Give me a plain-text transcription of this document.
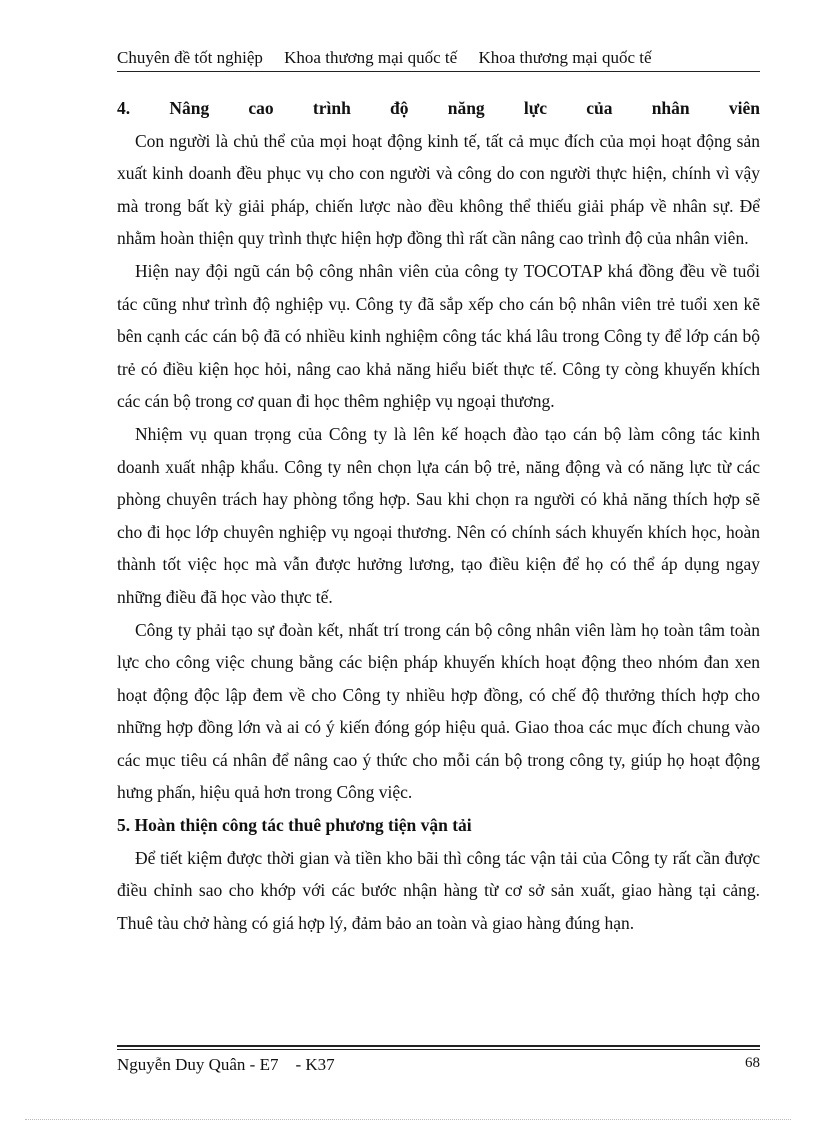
Chuyên đề tốt nghiệp     Khoa thương mại quốc tế     Khoa thương mại quốc tế
4. Nâng cao trình độ năng lực của nhân viên

Con người là chủ thể của mọi hoạt động kinh tế, tất cả mục đích của mọi hoạt động sản xuất kinh doanh đều phục vụ cho con người và công do con người thực hiện, chính vì vậy mà trong bất kỳ giải pháp, chiến lược nào đều không thể thiếu giải pháp về nhân sự. Để nhằm hoàn thiện quy trình thực hiện hợp đồng thì rất cần nâng cao trình độ của nhân viên.

Hiện nay đội ngũ cán bộ công nhân viên của công ty TOCOTAP khá đồng đều về tuổi tác cũng như trình độ nghiệp vụ. Công ty đã sắp xếp cho cán bộ nhân viên trẻ tuổi xen kẽ bên cạnh các cán bộ đã có nhiều kinh nghiệm công tác khá lâu trong Công ty để lớp cán bộ trẻ có điều kiện học hỏi, nâng cao khả năng hiểu biết thực tế. Công ty còng khuyến khích các cán bộ trong cơ quan đi học thêm nghiệp vụ ngoại thương.

Nhiệm vụ quan trọng của Công ty là lên kế hoạch đào tạo cán bộ làm công tác kinh doanh xuất nhập khẩu. Công ty nên chọn lựa cán bộ trẻ, năng động và có năng lực từ các phòng chuyên trách hay phòng tổng hợp. Sau khi chọn ra người có khả năng thích hợp sẽ cho đi học lớp chuyên nghiệp vụ ngoại thương. Nên có chính sách khuyến khích học, hoàn thành tốt việc học mà vẫn được hưởng lương, tạo điều kiện để họ có thể áp dụng ngay những điều đã học vào thực tế.

Công ty phải tạo sự đoàn kết, nhất trí trong cán bộ công nhân viên làm họ toàn tâm toàn lực cho công việc chung bằng các biện pháp khuyến khích hoạt động theo nhóm đan xen hoạt động độc lập đem về cho Công ty nhiều hợp đồng, có chế độ thưởng thích hợp cho những hợp đồng lớn và ai có ý kiến đóng góp hiệu quả. Giao thoa các mục đích chung vào các mục tiêu cá nhân để nâng cao ý thức cho mỗi cán bộ trong công ty, giúp họ hoạt động hưng phấn, hiệu quả hơn trong Công việc.

5. Hoàn thiện công tác thuê phương tiện vận tải

Để tiết kiệm được thời gian và tiền kho bãi thì công tác vận tải của Công ty rất cần được điều chỉnh sao cho khớp với các bước nhận hàng từ cơ sở sản xuất, giao hàng tại cảng. Thuê tàu chở hàng có giá hợp lý, đảm bảo an toàn và giao hàng đúng hạn.

Nguyễn Duy Quân - E7    - K37	68
